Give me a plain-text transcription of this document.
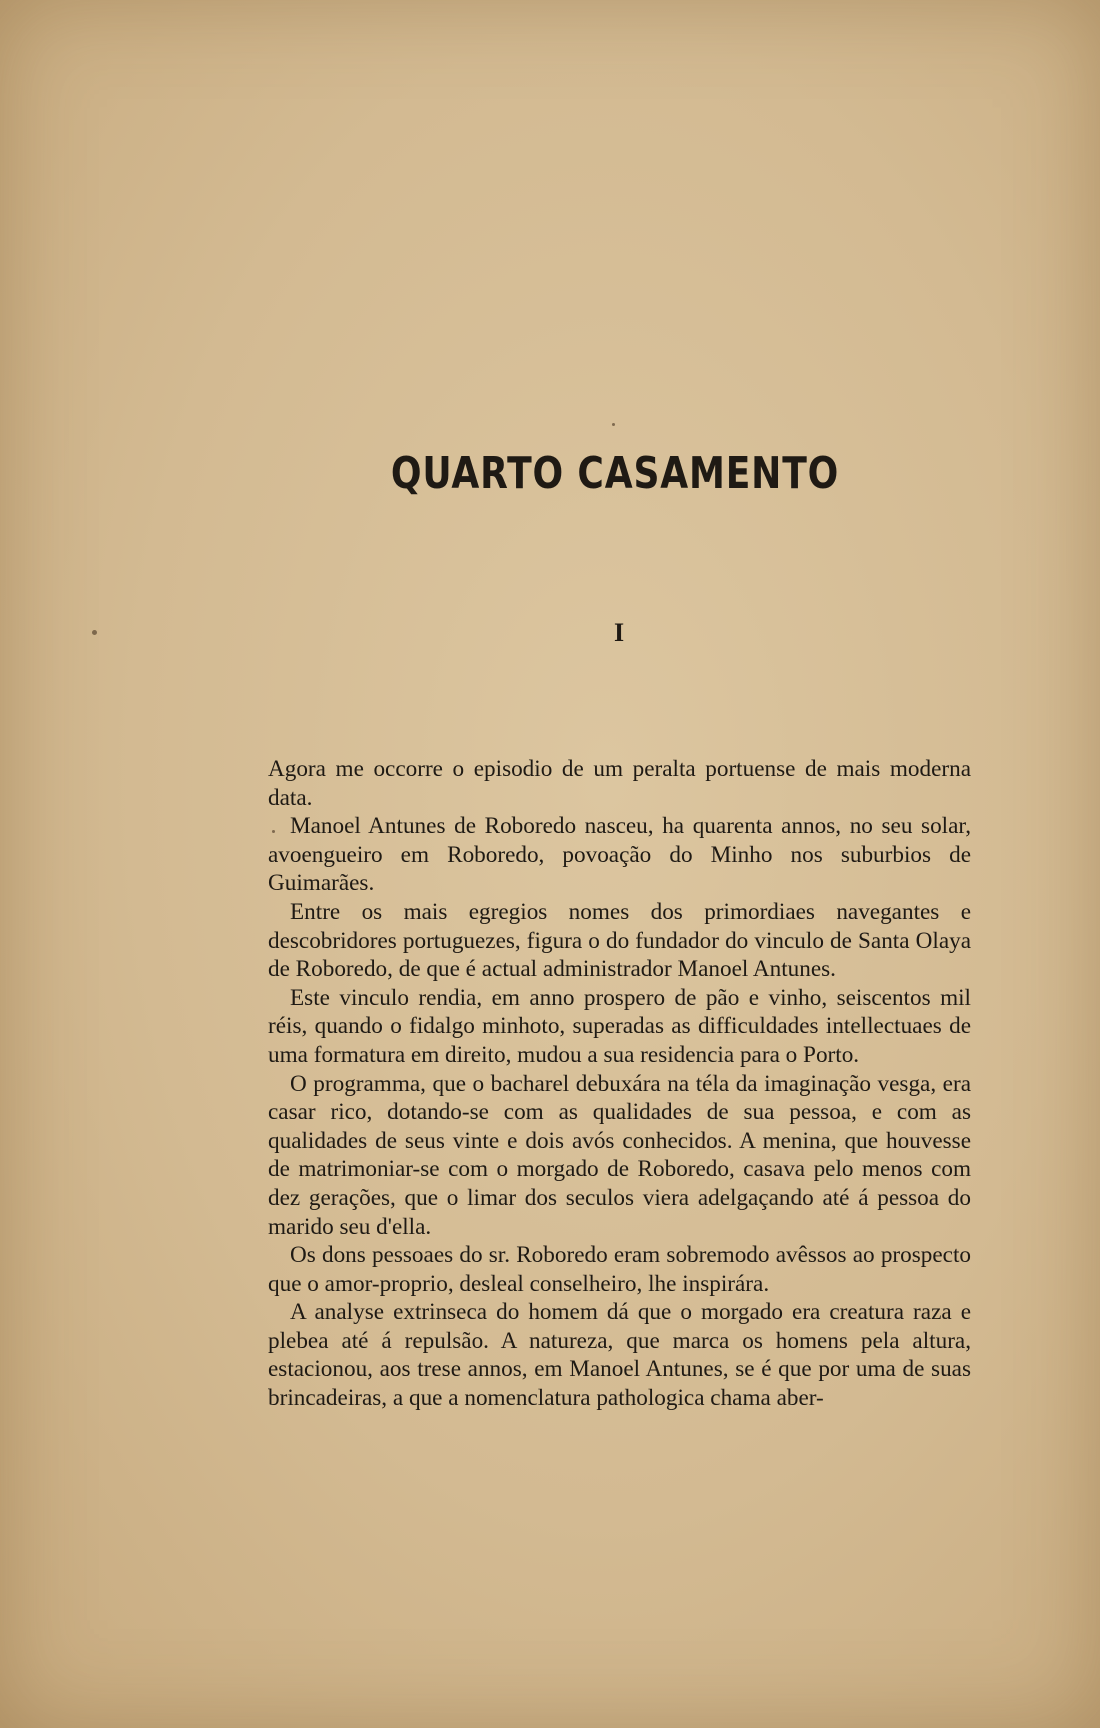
QUARTO CASAMENTO
I

Agora me occorre o episodio de um peralta portuense de mais moderna data.

Manoel Antunes de Roboredo nasceu, ha quarenta annos, no seu solar, avoengueiro em Roboredo, povoação do Minho nos suburbios de Guimarães.

Entre os mais egregios nomes dos primordiaes navegantes e descobridores portuguezes, figura o do fundador do vinculo de Santa Olaya de Roboredo, de que é actual administrador Manoel Antunes.

Este vinculo rendia, em anno prospero de pão e vinho, seiscentos mil réis, quando o fidalgo minhoto, superadas as difficuldades intellectuaes de uma formatura em direito, mudou a sua residencia para o Porto.

O programma, que o bacharel debuxára na téla da imaginação vesga, era casar rico, dotando-se com as qualidades de sua pessoa, e com as qualidades de seus vinte e dois avós conhecidos. A menina, que houvesse de matrimoniar-se com o morgado de Roboredo, casava pelo menos com dez gerações, que o limar dos seculos viera adelgaçando até á pessoa do marido seu d'ella.

Os dons pessoaes do sr. Roboredo eram sobremodo avêssos ao prospecto que o amor-proprio, desleal conselheiro, lhe inspirára.

A analyse extrinseca do homem dá que o morgado era creatura raza e plebea até á repulsão. A natureza, que marca os homens pela altura, estacionou, aos trese annos, em Manoel Antunes, se é que por uma de suas brincadeiras, a que a nomenclatura pathologica chama aber-
